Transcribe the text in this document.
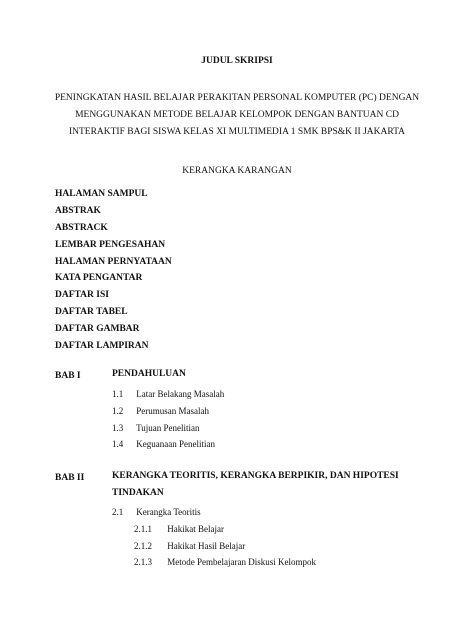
JUDUL SKRIPSI
PENINGKATAN HASIL BELAJAR PERAKITAN PERSONAL KOMPUTER (PC) DENGAN
MENGGUNAKAN METODE BELAJAR KELOMPOK DENGAN BANTUAN CD
INTERAKTIF BAGI SISWA KELAS XI MULTIMEDIA 1 SMK BPS&K II JAKARTA
KERANGKA KARANGAN
HALAMAN SAMPUL
ABSTRAK
ABSTRACK
LEMBAR PENGESAHAN
HALAMAN PERNYATAAN
KATA PENGANTAR
DAFTAR ISI
DAFTAR TABEL
DAFTAR GAMBAR
DAFTAR LAMPIRAN
BAB I	PENDAHULUAN
1.1 Latar Belakang Masalah
1.2 Perumusan Masalah
1.3 Tujuan Penelitian
1.4 Keguanaan Penelitian
BAB II	KERANGKA TEORITIS, KERANGKA BERPIKIR, DAN HIPOTESI
TINDAKAN
2.1 Kerangka Teoritis
2.1.1 Hakikat Belajar
2.1.2 Hakikat Hasil Belajar
2.1.3 Metode Pembelajaran Diskusi Kelompok
